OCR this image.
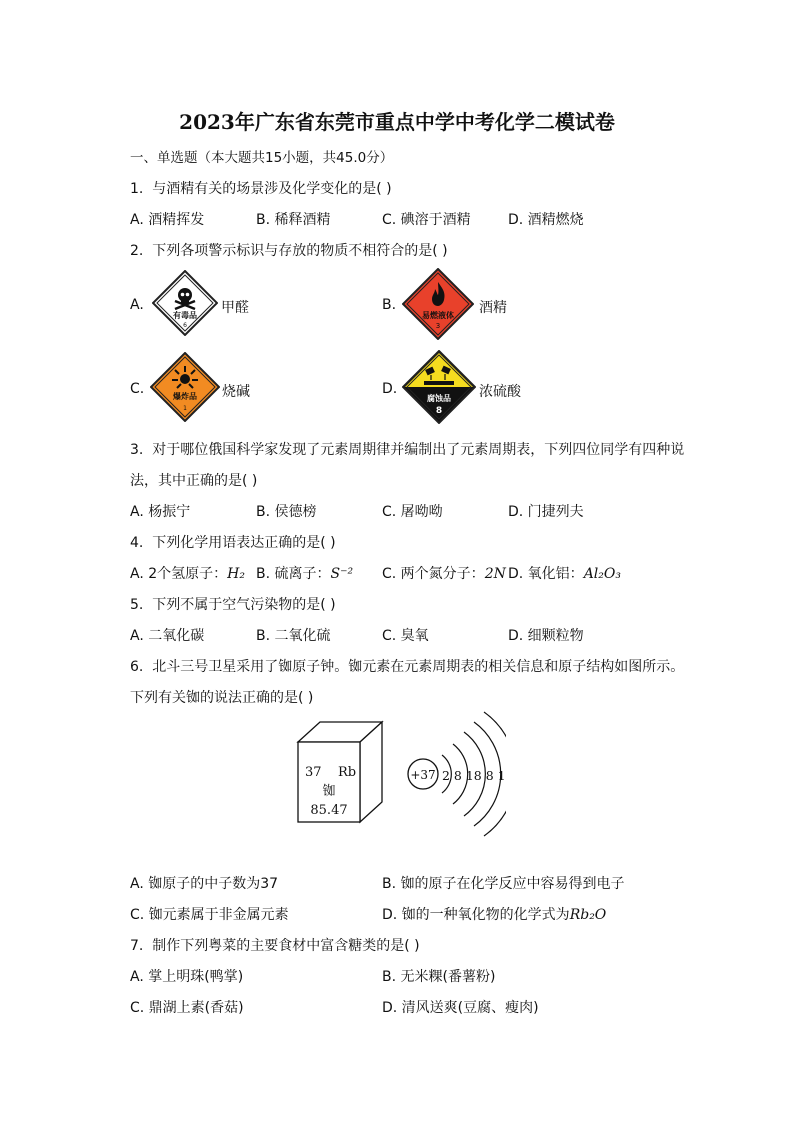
2023年广东省东莞市重点中学中考化学二模试卷
一、单选题（本大题共15小题，共45.0分）
1. 与酒精有关的场景涉及化学变化的是( )
A. 酒精挥发	B. 稀释酒精	C. 碘溶于酒精	D. 酒精燃烧
2. 下列各项警示标识与存放的物质不相符合的是( )
A.
有毒品
6
甲醛	B.
易燃液体
3
酒精
C.	爆炸品
1
烧碱	D.
腐蚀品
8
浓硫酸
3. 对于哪位俄国科学家发现了元素周期律并编制出了元素周期表，下列四位同学有四种说
法，其中正确的是( )
A. 杨振宁	B. 侯德榜	C. 屠呦呦	D. 门捷列夫
4. 下列化学用语表达正确的是( )
A. 2个氢原子：H₂ B. 硫离子：S⁻² C. 两个氮分子：2N D. 氧化铝：Al₂O₃
5. 下列不属于空气污染物的是( )
A. 二氧化碳	B. 二氧化硫	C. 臭氧	D. 细颗粒物
6. 北斗三号卫星采用了铷原子钟。铷元素在元素周期表的相关信息和原子结构如图所示。
下列有关铷的说法正确的是( )
37 Rb
铷
85.47
+37 2 8 18 8 1
A. 铷原子的中子数为37	B. 铷的原子在化学反应中容易得到电子
C. 铷元素属于非金属元素	D. 铷的一种氧化物的化学式为Rb₂O
7. 制作下列粤菜的主要食材中富含糖类的是( )
A. 掌上明珠(鸭掌)	B. 无米粿(番薯粉)
C. 鼎湖上素(香菇)	D. 清风送爽(豆腐、瘦肉)
